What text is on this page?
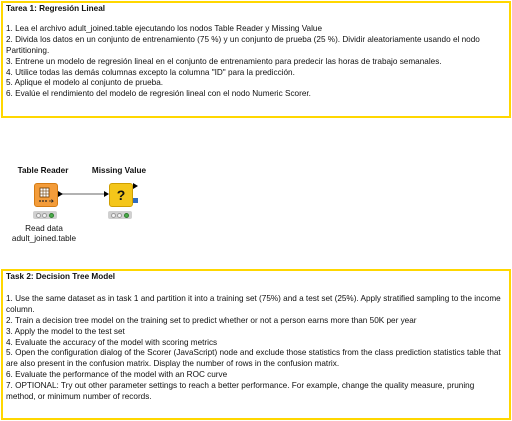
Tarea 1: Regresión Lineal
1. Lea el archivo adult_joined.table ejecutando los nodos Table Reader y Missing Value
2. Divida los datos en un conjunto de entrenamiento (75 %) y un conjunto de prueba (25 %). Dividir aleatoriamente usando el nodo Partitioning.
3. Entrene un modelo de regresión lineal en el conjunto de entrenamiento para predecir las horas de trabajo semanales.
4. Utilice todas las demás columnas excepto la columna "ID" para la predicción.
5. Aplique el modelo al conjunto de prueba.
6. Evalúe el rendimiento del modelo de regresión lineal con el nodo Numeric Scorer.
Table Reader
Read data
adult_joined.table
Missing Value
?
Task 2: Decision Tree Model
1. Use the same dataset as in task 1 and partition it into a training set (75%) and a test set (25%). Apply stratified sampling to the income column.
2. Train a decision tree model on the training set to predict whether or not a person earns more than 50K per year
3. Apply the model to the test set
4. Evaluate the accuracy of the model with scoring metrics
5. Open the configuration dialog of the Scorer (JavaScript) node and exclude those statistics from the class prediction statistics table that are also present in the confusion matrix. Display the number of rows in the confusion matrix.
6. Evaluate the performance of the model with an ROC curve
7. OPTIONAL: Try out other parameter settings to reach a better performance. For example, change the quality measure, pruning method, or minimum number of records.
